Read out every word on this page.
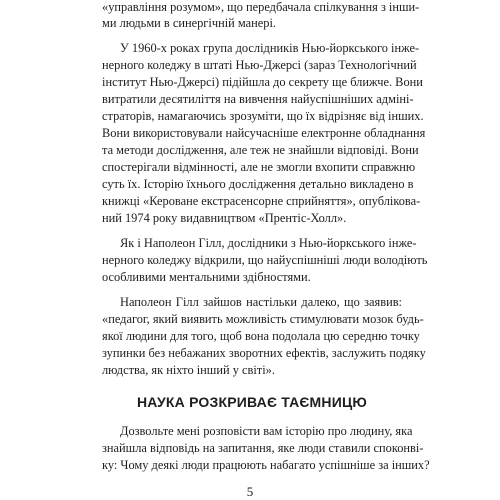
«управління розумом», що передбачала спілкування з інши-
ми людьми в синергічній манері.
У 1960-х роках група дослідників Нью-йоркського інже-
нерного коледжу в штаті Нью-Джерсі (зараз Технологічний
інститут Нью-Джерсі) підійшла до секрету ще ближче. Вони
витратили десятиліття на вивчення найуспішніших адміні-
страторів, намагаючись зрозуміти, що їх відрізняє від інших.
Вони використовували найсучасніше електронне обладнання
та методи дослідження, але теж не знайшли відповіді. Вони
спостерігали відмінності, але не змогли вхопити справжню
суть їх. Історію їхнього дослідження детально викладено в
книжці «Кероване екстрасенсорне сприйняття», опублікова-
ний 1974 року видавництвом «Прентіс-Холл».
Як і Наполеон Гілл, дослідники з Нью-йоркського інже-
нерного коледжу відкрили, що найуспішніші люди володіють
особливими ментальними здібностями.
Наполеон Гілл зайшов настільки далеко, що заявив:
«педагог, який виявить можливість стимулювати мозок будь-
якої людини для того, щоб вона подолала цю середню точку
зупинки без небажаних зворотних ефектів, заслужить подяку
людства, як ніхто інший у світі».
НАУКА РОЗКРИВАЄ ТАЄМНИЦЮ
Дозвольте мені розповісти вам історію про людину, яка
знайшла відповідь на запитання, яке люди ставили споконві-
ку: Чому деякі люди працюють набагато успішніше за інших?
5
